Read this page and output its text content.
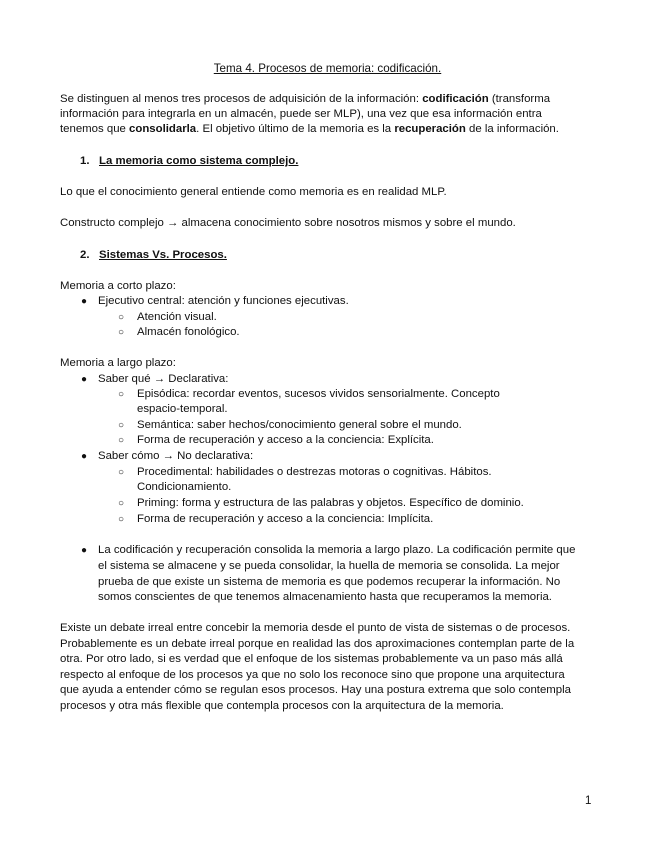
Tema 4. Procesos de memoria: codificación.
Se distinguen al menos tres procesos de adquisición de la información: codificación (transforma
información para integrarla en un almacén, puede ser MLP), una vez que esa información entra
tenemos que consolidarla. El objetivo último de la memoria es la recuperación de la información.
1. La memoria como sistema complejo.
Lo que el conocimiento general entiende como memoria es en realidad MLP.
Constructo complejo → almacena conocimiento sobre nosotros mismos y sobre el mundo.
2. Sistemas Vs. Procesos.
Memoria a corto plazo:
● Ejecutivo central: atención y funciones ejecutivas.
○ Atención visual.
○ Almacén fonológico.
Memoria a largo plazo:
● Saber qué → Declarativa:
○ Episódica: recordar eventos, sucesos vividos sensorialmente. Concepto
espacio-temporal.
○ Semántica: saber hechos/conocimiento general sobre el mundo.
○ Forma de recuperación y acceso a la conciencia: Explícita.
● Saber cómo → No declarativa:
○ Procedimental: habilidades o destrezas motoras o cognitivas. Hábitos.
Condicionamiento.
○ Priming: forma y estructura de las palabras y objetos. Específico de dominio.
○ Forma de recuperación y acceso a la conciencia: Implícita.
● La codificación y recuperación consolida la memoria a largo plazo. La codificación permite que
el sistema se almacene y se pueda consolidar, la huella de memoria se consolida. La mejor
prueba de que existe un sistema de memoria es que podemos recuperar la información. No
somos conscientes de que tenemos almacenamiento hasta que recuperamos la memoria.
Existe un debate irreal entre concebir la memoria desde el punto de vista de sistemas o de procesos.
Probablemente es un debate irreal porque en realidad las dos aproximaciones contemplan parte de la
otra. Por otro lado, si es verdad que el enfoque de los sistemas probablemente va un paso más allá
respecto al enfoque de los procesos ya que no solo los reconoce sino que propone una arquitectura
que ayuda a entender cómo se regulan esos procesos. Hay una postura extrema que solo contempla
procesos y otra más flexible que contempla procesos con la arquitectura de la memoria.
1
